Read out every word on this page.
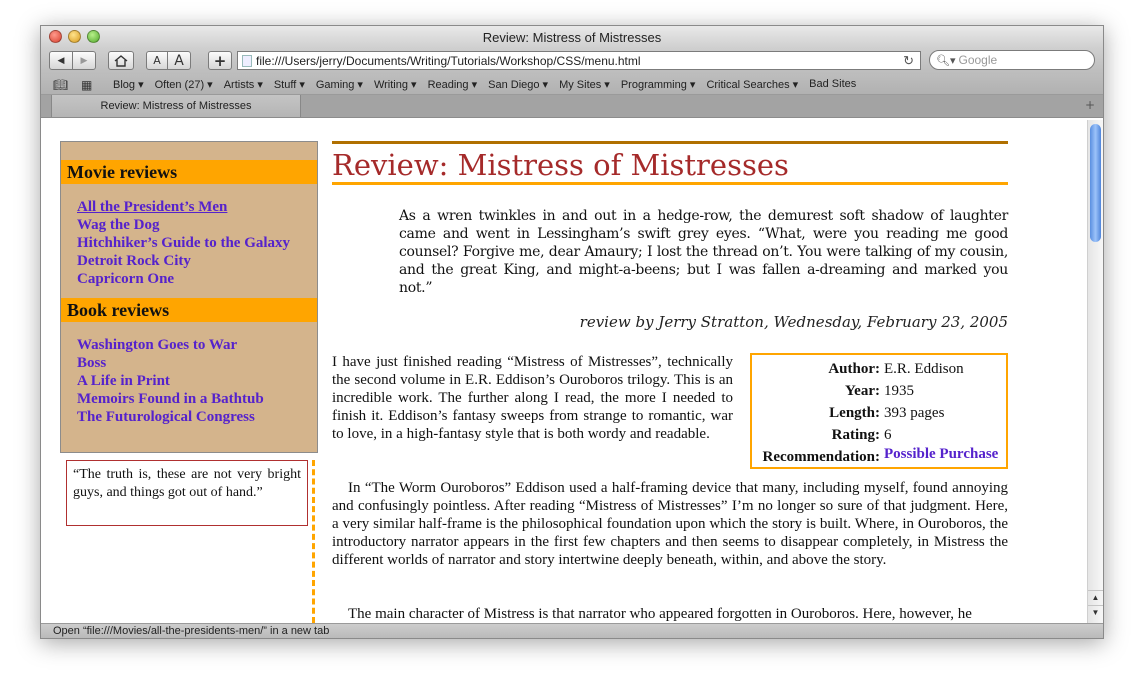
Review: Mistress of Mistresses
◀ ▶	A A + file:///Users/jerry/Documents/Writing/Tutorials/Workshop/CSS/menu.html	↻ 🔍︎▾ Google
📖︎ ▦ Blog ▾ Often (27) ▾ Artists ▾ Stuff ▾ Gaming ▾ Writing ▾ Reading ▾ San Diego ▾ My Sites ▾ Programming ▾ Critical Searches ▾ Bad Sites
Review: Mistress of Mistresses	+
Movie reviews
All the President’s Men
Wag the Dog
Hitchhiker’s Guide to the Galaxy
Detroit Rock City
Capricorn One
Book reviews
Washington Goes to War
Boss
A Life in Print
Memoirs Found in a Bathtub
The Futurological Congress
“The truth is, these are not very bright guys, and things got out of hand.”
Review: Mistress of Mistresses
As a wren twinkles in and out in a hedge-row, the demurest soft shadow of laughter came and went in Lessingham’s swift grey eyes. “What, were you reading me good counsel? Forgive me, dear Amaury; I lost the thread on’t. You were talking of my cousin, and the great King, and might-a-beens; but I was fallen a-dreaming and marked you not.”
review by Jerry Stratton, Wednesday, February 23, 2005
I have just finished reading “Mistress of Mistresses”, technically the second volume in E.R. Eddison’s Ouroboros trilogy. This is an incredible work. The further along I read, the more I needed to finish it. Eddison’s fantasy sweeps from strange to romantic, war to love, in a high-fantasy style that is both wordy and readable.
Author: E.R. Eddison
Year: 1935
Length: 393 pages
Rating: 6
Recommendation: Possible Purchase
In “The Worm Ouroboros” Eddison used a half-framing device that many, including myself, found annoying and confusingly pointless. After reading “Mistress of Mistresses” I’m no longer so sure of that judgment. Here, a very similar half-frame is the philosophical foundation upon which the story is built. Where, in Ouroboros, the introductory narrator appears in the first few chapters and then seems to disappear completely, in Mistress the different worlds of narrator and story intertwine deeply beneath, within, and above the story.
The main character of Mistress is that narrator who appeared forgotten in Ouroboros. Here, however, he
▲
▼
Open “file:///Movies/all-the-presidents-men/” in a new tab
